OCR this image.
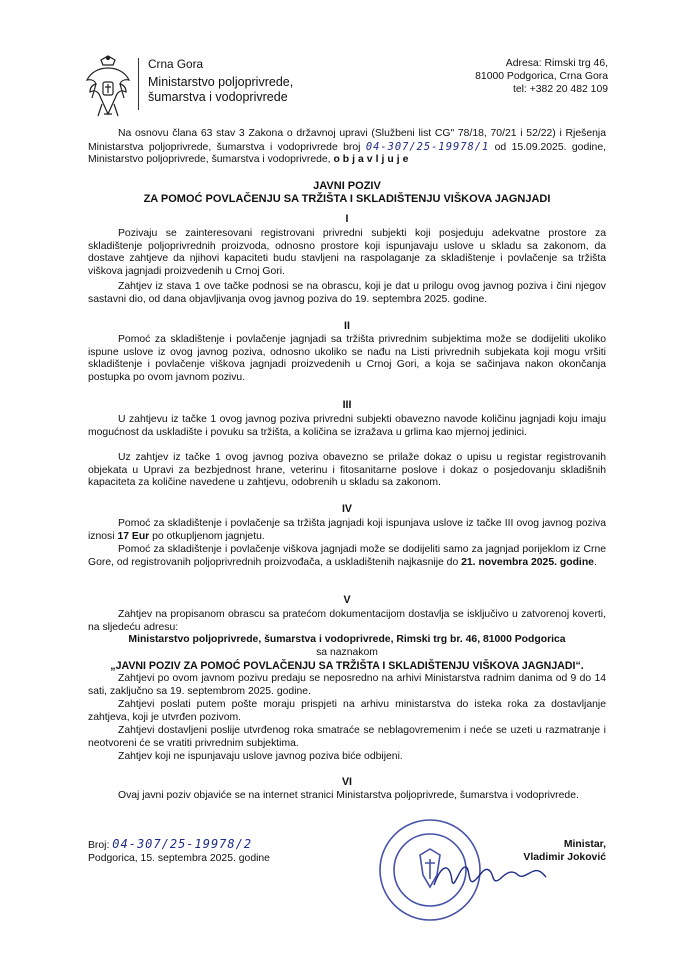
Crna Gora
Ministarstvo poljoprivrede,
šumarstva i vodoprivrede
Adresa: Rimski trg 46,
81000 Podgorica, Crna Gora
tel: +382 20 482 109
Na osnovu člana 63 stav 3 Zakona o državnoj upravi (Službeni list CG" 78/18, 70/21 i 52/22) i Rješenja Ministarstva poljoprivrede, šumarstva i vodoprivrede broj 04-307/25-19978/1 od 15.09.2025. godine, Ministarstvo poljoprivrede, šumarstva i vodoprivrede, objavljuje
JAVNI POZIV
ZA POMOĆ POVLAČENJU SA TRŽIŠTA I SKLADIŠTENJU VIŠKOVA JAGNJADI
I
Pozivaju se zainteresovani registrovani privredni subjekti koji posjeduju adekvatne prostore za skladištenje poljoprivrednih proizvoda, odnosno prostore koji ispunjavaju uslove u skladu sa zakonom, da dostave zahtjeve da njihovi kapaciteti budu stavljeni na raspolaganje za skladištenje i povlačenje sa tržišta viškova jagnjadi proizvedenih u Crnoj Gori.
Zahtjev iz stava 1 ove tačke podnosi se na obrascu, koji je dat u prilogu ovog javnog poziva i čini njegov sastavni dio, od dana objavljivanja ovog javnog poziva do 19. septembra 2025. godine.
II
Pomoć za skladištenje i povlačenje jagnjadi sa tržišta privrednim subjektima može se dodijeliti ukoliko ispune uslove iz ovog javnog poziva, odnosno ukoliko se nađu na Listi privrednih subjekata koji mogu vršiti skladištenje i povlačenje viškova jagnjadi proizvedenih u Crnoj Gori, a koja se sačinjava nakon okončanja postupka po ovom javnom pozivu.
III
U zahtjevu iz tačke 1 ovog javnog poziva privredni subjekti obavezno navode količinu jagnjadi koju imaju mogućnost da uskladište i povuku sa tržišta, a količina se izražava u grlima kao mjernoj jedinici.
Uz zahtjev iz tačke 1 ovog javnog poziva obavezno se prilaže dokaz o upisu u registar registrovanih objekata u Upravi za bezbjednost hrane, veterinu i fitosanitarne poslove i dokaz o posjedovanju skladišnih kapaciteta za količine navedene u zahtjevu, odobrenih u skladu sa zakonom.
IV
Pomoć za skladištenje i povlačenje sa tržišta jagnjadi koji ispunjava uslove iz tačke III ovog javnog poziva iznosi 17 Eur po otkupljenom jagnjetu.
Pomoć za skladištenje i povlačenje viškova jagnjadi može se dodijeliti samo za jagnjad porijeklom iz Crne Gore, od registrovanih poljoprivrednih proizvođača, a uskladištenih najkasnije do 21. novembra 2025. godine.
V
Zahtjev na propisanom obrascu sa pratećom dokumentacijom dostavlja se isključivo u zatvorenoj koverti, na sljedeću adresu:
Ministarstvo poljoprivrede, šumarstva i vodoprivrede, Rimski trg br. 46, 81000 Podgorica
sa naznakom
„JAVNI POZIV ZA POMOĆ POVLAČENJU SA TRŽIŠTA I SKLADIŠTENJU VIŠKOVA JAGNJADI“.
Zahtjevi po ovom javnom pozivu predaju se neposredno na arhivi Ministarstva radnim danima od 9 do 14 sati, zaključno sa 19. septembrom 2025. godine.
Zahtjevi poslati putem pošte moraju prispjeti na arhivu ministarstva do isteka roka za dostavljanje zahtjeva, koji je utvrđen pozivom.
Zahtjevi dostavljeni poslije utvrđenog roka smatraće se neblagovremenim i neće se uzeti u razmatranje i neotvoreni će se vratiti privrednim subjektima.
Zahtjev koji ne ispunjavaju uslove javnog poziva biće odbijeni.
VI
Ovaj javni poziv objaviće se na internet stranici Ministarstva poljoprivrede, šumarstva i vodoprivrede.
Broj: 04-307/25-19978/2
Podgorica, 15. septembra 2025. godine
Ministar,
Vladimir Joković
